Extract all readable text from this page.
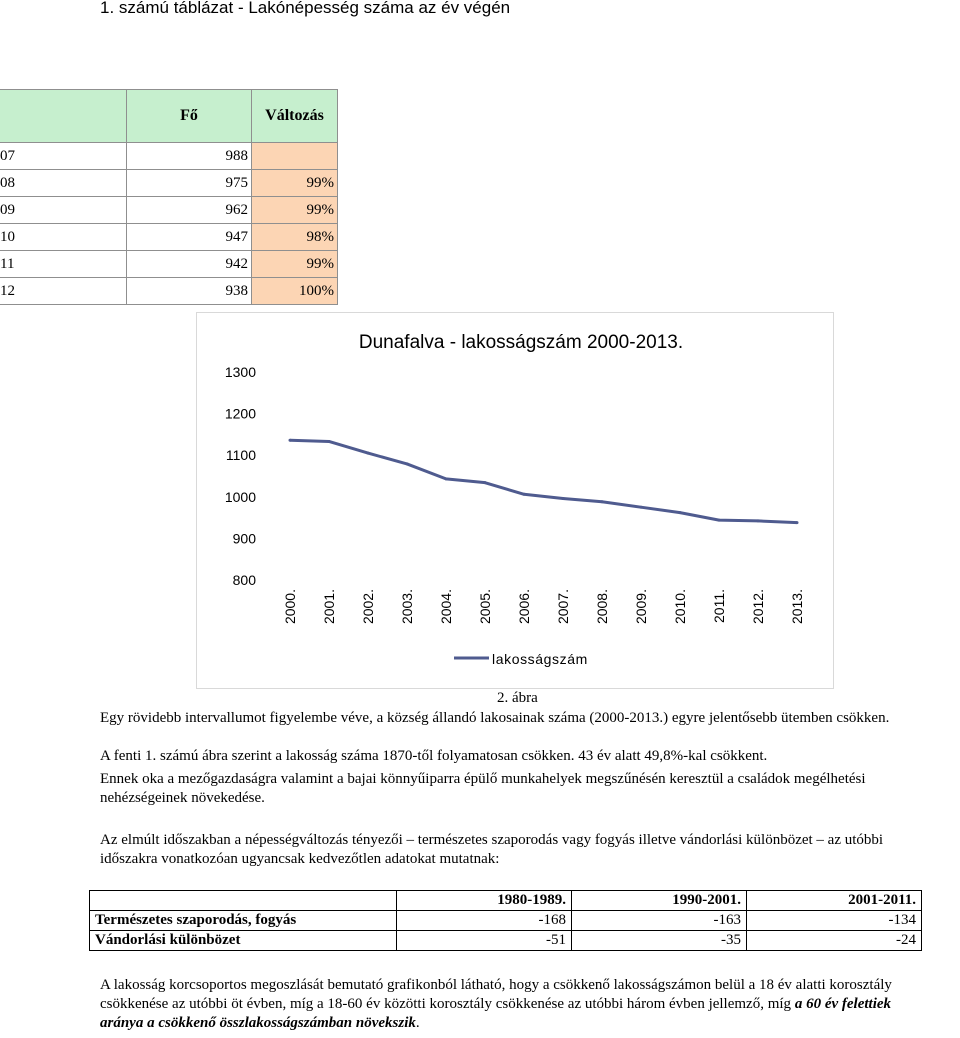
1. számú táblázat - Lakónépesség száma az év végén
	Fő	Változás
07	988	
08	975	99%
09	962	99%
10	947	98%
11	942	99%
12	938	100%
Dunafalva - lakosságszám 2000-2013.
1300
1200
1100
1000
900
800
2000. 2001. 2002. 2003. 2004. 2005. 2006. 2007. 2008. 2009. 2010. 2011. 2012. 2013.
lakosságszám
2. ábra
Egy rövidebb intervallumot figyelembe véve, a község állandó lakosainak száma (2000-2013.) egyre jelentősebb ütemben csökken.
A fenti 1. számú ábra szerint a lakosság száma 1870-től folyamatosan csökken. 43 év alatt 49,8%-kal csökkent.
Ennek oka a mezőgazdaságra valamint a bajai könnyűiparra épülő munkahelyek megszűnésén keresztül a családok megélhetési nehézségeinek növekedése.
Az elmúlt időszakban a népességváltozás tényezői – természetes szaporodás vagy fogyás illetve vándorlási különbözet – az utóbbi időszakra vonatkozóan ugyancsak kedvezőtlen adatokat mutatnak:
	1980-1989.	1990-2001.	2001-2011.
Természetes szaporodás, fogyás	-168	-163	-134
Vándorlási különbözet	-51	-35	-24
A lakosság korcsoportos megoszlását bemutató grafikonból látható, hogy a csökkenő lakosságszámon belül a 18 év alatti korosztály csökkenése az utóbbi öt évben, míg a 18-60 év közötti korosztály csökkenése az utóbbi három évben jellemző, míg a 60 év felettiek aránya a csökkenő összlakosságszámban növekszik.
